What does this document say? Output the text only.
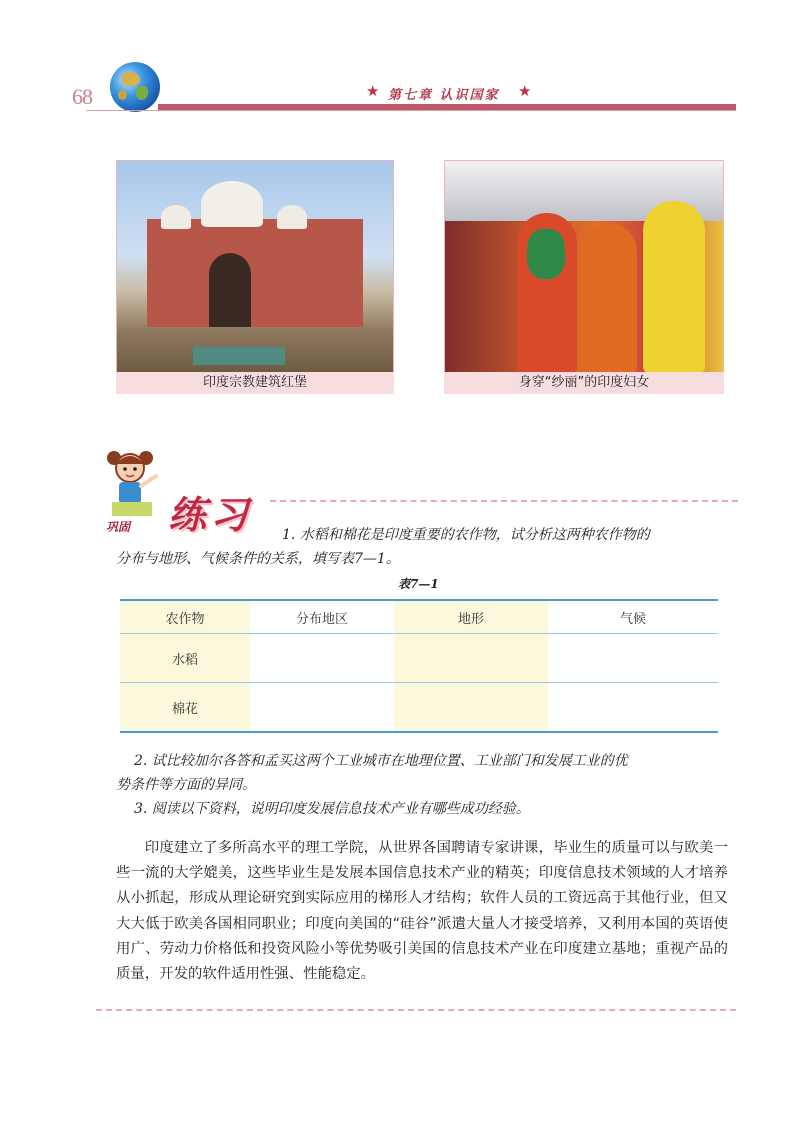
68	★ 第七章 认识国家 ★
印度宗教建筑红堡	身穿“纱丽”的印度妇女
巩固 练习 1. 水稻和棉花是印度重要的农作物，试分析这两种农作物的
分布与地形、气候条件的关系，填写表7—1。
表7—1
农作物	分布地区	地形	气候
水稻			
棉花			
2. 试比较加尔各答和孟买这两个工业城市在地理位置、工业部门和发展工业的优
势条件等方面的异同。
3. 阅读以下资料，说明印度发展信息技术产业有哪些成功经验。
印度建立了多所高水平的理工学院，从世界各国聘请专家讲课，毕业生的质量可以与欧美一些一流的大学媲美，这些毕业生是发展本国信息技术产业的精英；印度信息技术领域的人才培养从小抓起，形成从理论研究到实际应用的梯形人才结构；软件人员的工资远高于其他行业，但又大大低于欧美各国相同职业；印度向美国的“硅谷”派遣大量人才接受培养，又利用本国的英语使用广、劳动力价格低和投资风险小等优势吸引美国的信息技术产业在印度建立基地；重视产品的质量，开发的软件适用性强、性能稳定。
